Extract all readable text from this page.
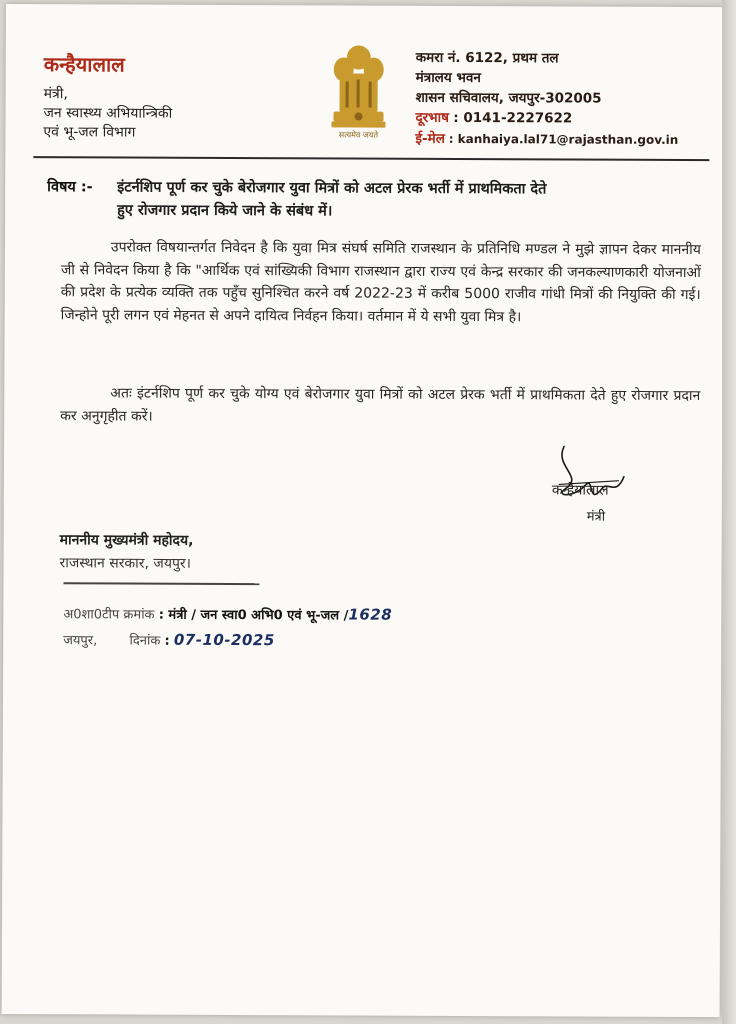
कन्हैयालाल
मंत्री,
जन स्वास्थ्य अभियान्त्रिकी
एवं भू-जल विभाग	सत्यमेव जयते
कमरा नं. 6122, प्रथम तल
मंत्रालय भवन
शासन सचिवालय, जयपुर-302005
दूरभाष : 0141-2227622
ई-मेल : kanhaiya.lal71@rajasthan.gov.in
विषय :-	इंटर्नशिप पूर्ण कर चुके बेरोजगार युवा मित्रों को अटल प्रेरक भर्ती में प्राथमिकता देते
हुए रोजगार प्रदान किये जाने के संबंध में।
उपरोक्त विषयान्तर्गत निवेदन है कि युवा मित्र संघर्ष समिति राजस्थान के प्रतिनिधि मण्डल ने मुझे ज्ञापन देकर माननीय जी से निवेदन किया है कि "आर्थिक एवं सांख्यिकी विभाग राजस्थान द्वारा राज्य एवं केन्द्र सरकार की जनकल्याणकारी योजनाओं की प्रदेश के प्रत्येक व्यक्ति तक पहुँच सुनिश्चित करने वर्ष 2022-23 में करीब 5000 राजीव गांधी मित्रों की नियुक्ति की गई। जिन्होने पूरी लगन एवं मेहनत से अपने दायित्व निर्वहन किया। वर्तमान में ये सभी युवा मित्र है।
अतः इंटर्नशिप पूर्ण कर चुके योग्य एवं बेरोजगार युवा मित्रों को अटल प्रेरक भर्ती में प्राथमिकता देते हुए रोजगार प्रदान कर अनुगृहीत करें।
कन्हैयालाल
मंत्री
माननीय मुख्यमंत्री महोदय,
राजस्थान सरकार, जयपुर।
अ0शा0टीप क्रमांक : मंत्री / जन स्वा0 अभि0 एवं भू-जल /1628
जयपुर, दिनांक : 07-10-2025
